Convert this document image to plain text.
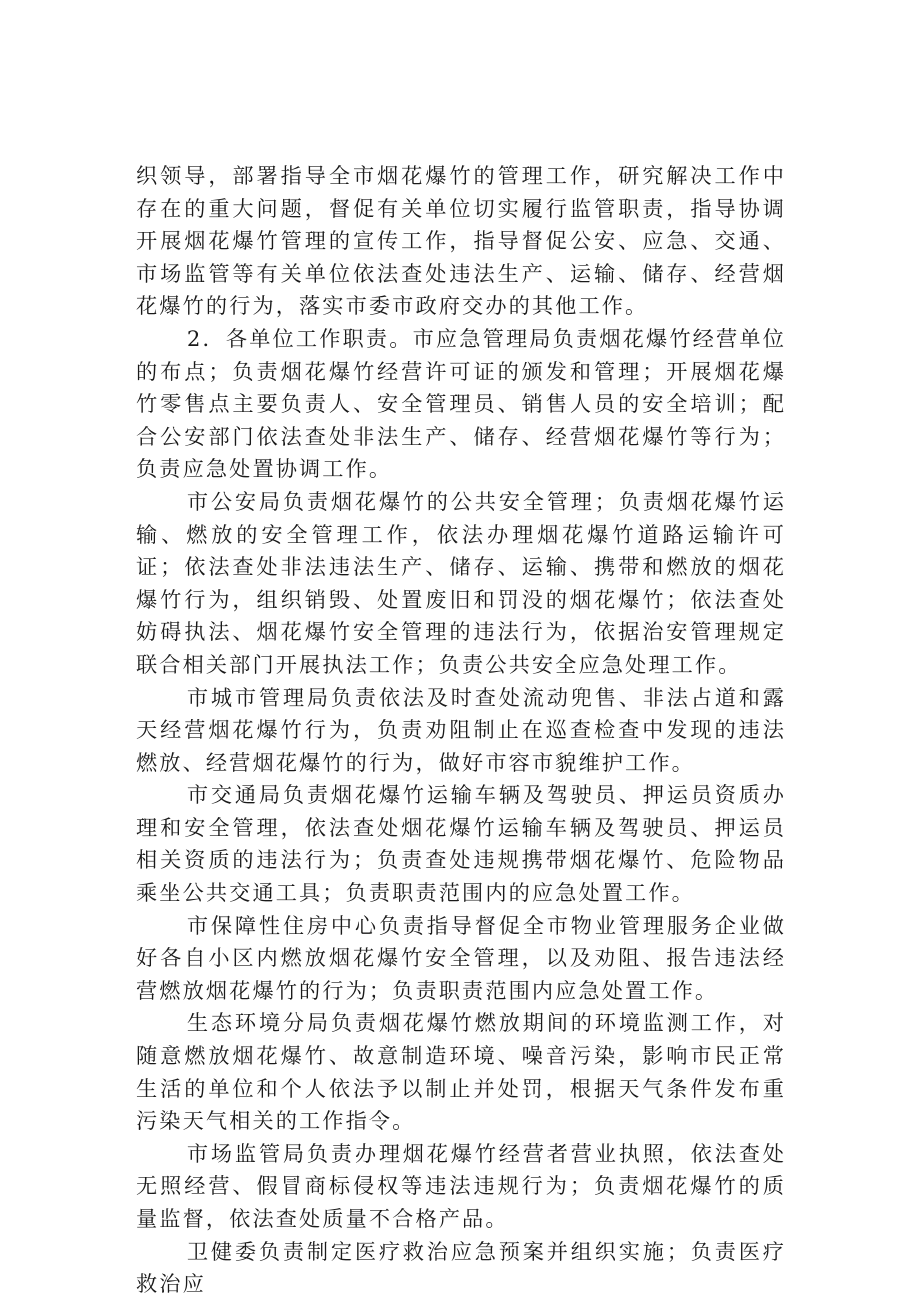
织领导，部署指导全市烟花爆竹的管理工作，研究解决工作中存在的重大问题，督促有关单位切实履行监管职责，指导协调开展烟花爆竹管理的宣传工作，指导督促公安、应急、交通、市场监管等有关单位依法查处违法生产、运输、储存、经营烟花爆竹的行为，落实市委市政府交办的其他工作。

2．各单位工作职责。市应急管理局负责烟花爆竹经营单位的布点；负责烟花爆竹经营许可证的颁发和管理；开展烟花爆竹零售点主要负责人、安全管理员、销售人员的安全培训；配合公安部门依法查处非法生产、储存、经营烟花爆竹等行为；负责应急处置协调工作。

市公安局负责烟花爆竹的公共安全管理；负责烟花爆竹运输、燃放的安全管理工作，依法办理烟花爆竹道路运输许可证；依法查处非法违法生产、储存、运输、携带和燃放的烟花爆竹行为，组织销毁、处置废旧和罚没的烟花爆竹；依法查处妨碍执法、烟花爆竹安全管理的违法行为，依据治安管理规定联合相关部门开展执法工作；负责公共安全应急处理工作。

市城市管理局负责依法及时查处流动兜售、非法占道和露天经营烟花爆竹行为，负责劝阻制止在巡查检查中发现的违法燃放、经营烟花爆竹的行为，做好市容市貌维护工作。

市交通局负责烟花爆竹运输车辆及驾驶员、押运员资质办理和安全管理，依法查处烟花爆竹运输车辆及驾驶员、押运员相关资质的违法行为；负责查处违规携带烟花爆竹、危险物品乘坐公共交通工具；负责职责范围内的应急处置工作。

市保障性住房中心负责指导督促全市物业管理服务企业做好各自小区内燃放烟花爆竹安全管理，以及劝阻、报告违法经营燃放烟花爆竹的行为；负责职责范围内应急处置工作。

生态环境分局负责烟花爆竹燃放期间的环境监测工作，对随意燃放烟花爆竹、故意制造环境、噪音污染，影响市民正常生活的单位和个人依法予以制止并处罚，根据天气条件发布重污染天气相关的工作指令。

市场监管局负责办理烟花爆竹经营者营业执照，依法查处无照经营、假冒商标侵权等违法违规行为；负责烟花爆竹的质量监督，依法查处质量不合格产品。

卫健委负责制定医疗救治应急预案并组织实施；负责医疗救治应
